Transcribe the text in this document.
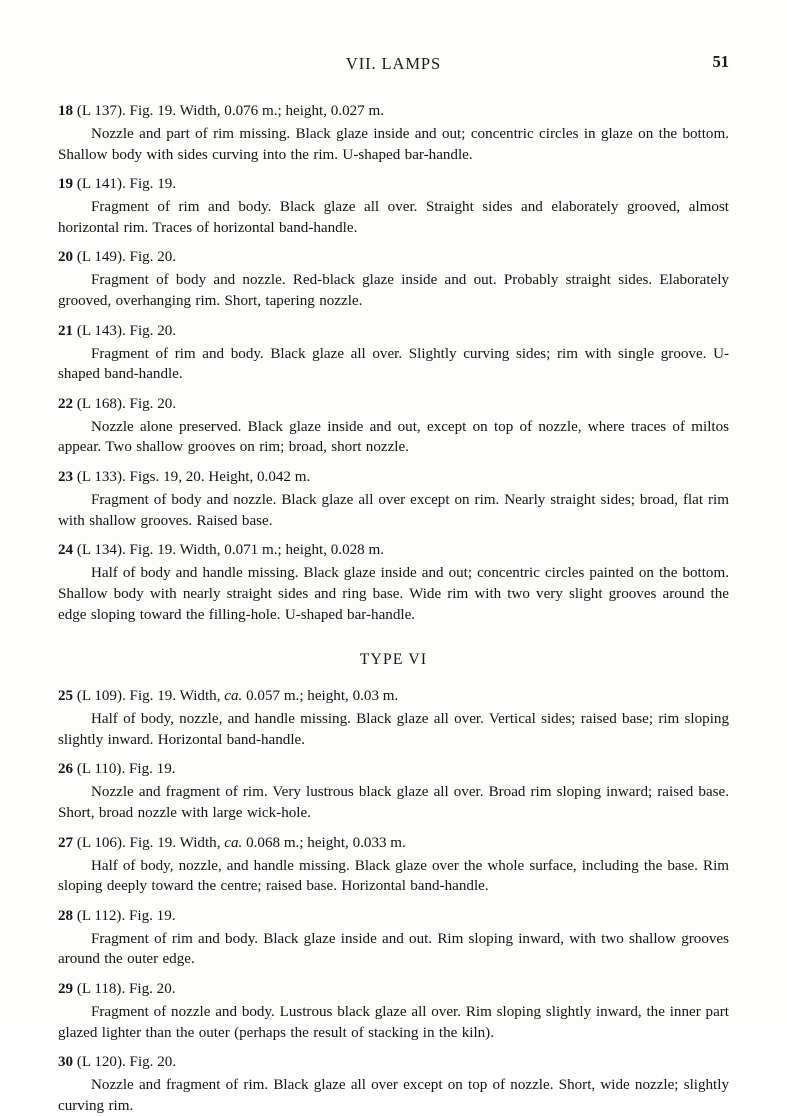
VII. LAMPS	51

18 (L 137). Fig. 19. Width, 0.076 m.; height, 0.027 m.

Nozzle and part of rim missing. Black glaze inside and out; concentric circles in glaze on the bottom. Shallow body with sides curving into the rim. U-shaped bar-handle.

19 (L 141). Fig. 19.

Fragment of rim and body. Black glaze all over. Straight sides and elaborately grooved, almost horizontal rim. Traces of horizontal band-handle.

20 (L 149). Fig. 20.

Fragment of body and nozzle. Red-black glaze inside and out. Probably straight sides. Elaborately grooved, overhanging rim. Short, tapering nozzle.

21 (L 143). Fig. 20.

Fragment of rim and body. Black glaze all over. Slightly curving sides; rim with single groove. U-shaped band-handle.

22 (L 168). Fig. 20.

Nozzle alone preserved. Black glaze inside and out, except on top of nozzle, where traces of miltos appear. Two shallow grooves on rim; broad, short nozzle.

23 (L 133). Figs. 19, 20. Height, 0.042 m.

Fragment of body and nozzle. Black glaze all over except on rim. Nearly straight sides; broad, flat rim with shallow grooves. Raised base.

24 (L 134). Fig. 19. Width, 0.071 m.; height, 0.028 m.

Half of body and handle missing. Black glaze inside and out; concentric circles painted on the bottom. Shallow body with nearly straight sides and ring base. Wide rim with two very slight grooves around the edge sloping toward the filling-hole. U-shaped bar-handle.

TYPE VI

25 (L 109). Fig. 19. Width, ca. 0.057 m.; height, 0.03 m.

Half of body, nozzle, and handle missing. Black glaze all over. Vertical sides; raised base; rim sloping slightly inward. Horizontal band-handle.

26 (L 110). Fig. 19.

Nozzle and fragment of rim. Very lustrous black glaze all over. Broad rim sloping inward; raised base. Short, broad nozzle with large wick-hole.

27 (L 106). Fig. 19. Width, ca. 0.068 m.; height, 0.033 m.

Half of body, nozzle, and handle missing. Black glaze over the whole surface, including the base. Rim sloping deeply toward the centre; raised base. Horizontal band-handle.

28 (L 112). Fig. 19.

Fragment of rim and body. Black glaze inside and out. Rim sloping inward, with two shallow grooves around the outer edge.

29 (L 118). Fig. 20.

Fragment of nozzle and body. Lustrous black glaze all over. Rim sloping slightly inward, the inner part glazed lighter than the outer (perhaps the result of stacking in the kiln).

30 (L 120). Fig. 20.

Nozzle and fragment of rim. Black glaze all over except on top of nozzle. Short, wide nozzle; slightly curving rim.
